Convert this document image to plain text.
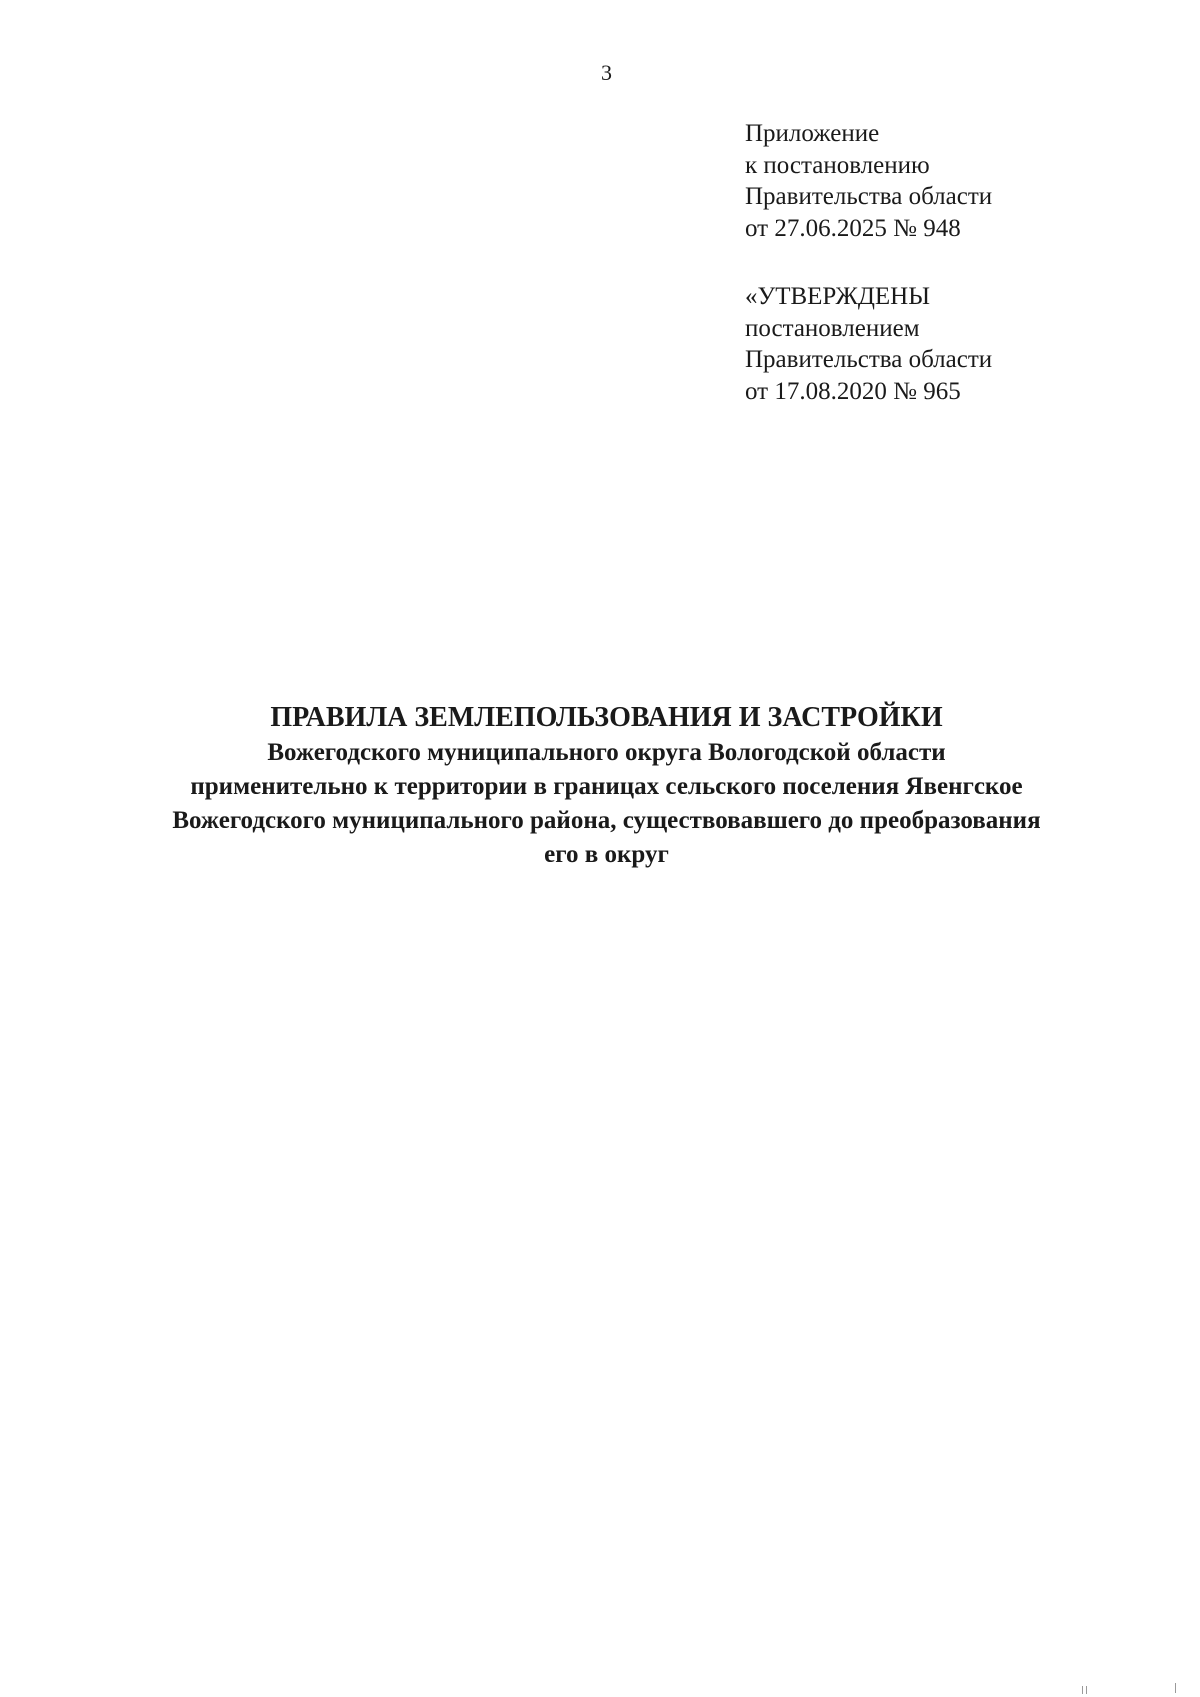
3
Приложение
к постановлению
Правительства области
от 27.06.2025 № 948
«УТВЕРЖДЕНЫ
постановлением
Правительства области
от 17.08.2020 № 965
ПРАВИЛА ЗЕМЛЕПОЛЬЗОВАНИЯ И ЗАСТРОЙКИ
Вожегодского муниципального округа Вологодской области
применительно к территории в границах сельского поселения Явенгское
Вожегодского муниципального района, существовавшего до преобразования
его в округ
